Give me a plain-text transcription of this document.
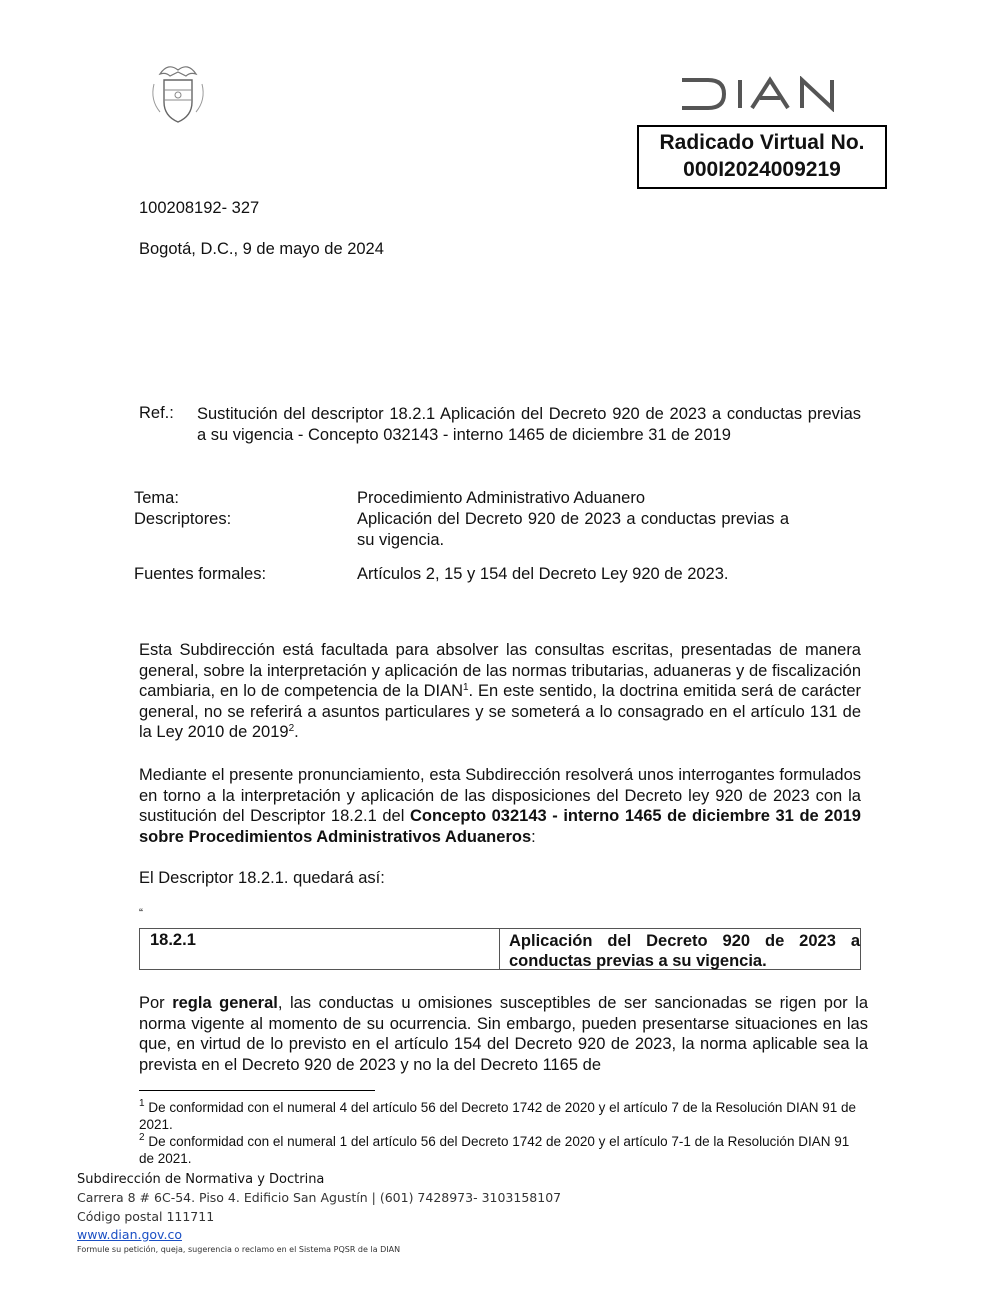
Radicado Virtual No.
000I2024009219
100208192- 327
Bogotá, D.C., 9 de mayo de 2024
Ref.: Sustitución del descriptor 18.2.1 Aplicación del Decreto 920 de 2023 a conductas previas a su vigencia - Concepto 032143 - interno 1465 de diciembre 31 de 2019
Tema:	Procedimiento Administrativo Aduanero
Descriptores:	Aplicación del Decreto 920 de 2023 a conductas previas a su vigencia.
Fuentes formales:	Artículos 2, 15 y 154 del Decreto Ley 920 de 2023.
Esta Subdirección está facultada para absolver las consultas escritas, presentadas de manera general, sobre la interpretación y aplicación de las normas tributarias, aduaneras y de fiscalización cambiaria, en lo de competencia de la DIAN$^1$. En este sentido, la doctrina emitida será de carácter general, no se referirá a asuntos particulares y se someterá a lo consagrado en el artículo 131 de la Ley 2010 de 2019$^2$.
Mediante el presente pronunciamiento, esta Subdirección resolverá unos interrogantes formulados en torno a la interpretación y aplicación de las disposiciones del Decreto ley 920 de 2023 con la sustitución del Descriptor 18.2.1 del Concepto 032143 - interno 1465 de diciembre 31 de 2019 sobre Procedimientos Administrativos Aduaneros:
El Descriptor 18.2.1. quedará así:
“
18.2.1	Aplicación del Decreto 920 de 2023 a conductas previas a su vigencia.
Por regla general, las conductas u omisiones susceptibles de ser sancionadas se rigen por la norma vigente al momento de su ocurrencia. Sin embargo, pueden presentarse situaciones en las que, en virtud de lo previsto en el artículo 154 del Decreto 920 de 2023, la norma aplicable sea la prevista en el Decreto 920 de 2023 y no la del Decreto 1165 de
$^1$ De conformidad con el numeral 4 del artículo 56 del Decreto 1742 de 2020 y el artículo 7 de la Resolución DIAN 91 de 2021.
$^2$ De conformidad con el numeral 1 del artículo 56 del Decreto 1742 de 2020 y el artículo 7-1 de la Resolución DIAN 91 de 2021.
Subdirección de Normativa y Doctrina
Carrera 8 # 6C-54. Piso 4. Edificio San Agustín | (601) 7428973- 3103158107
Código postal 111711
www.dian.gov.co
Formule su petición, queja, sugerencia o reclamo en el Sistema PQSR de la DIAN
